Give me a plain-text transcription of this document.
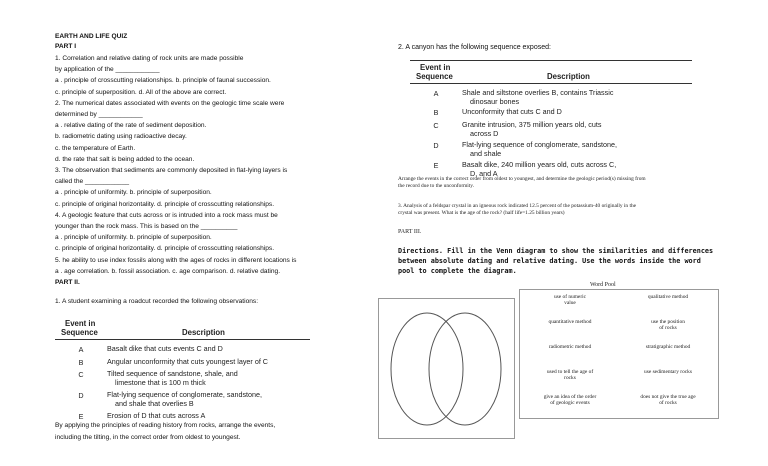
EARTH AND LIFE QUIZ
PART I
1. Correlation and relative dating of rock units are made possible
by application of the ____________
a . principle of crosscutting relationships. b. principle of faunal succession.
c. principle of superposition. d. All of the above are correct.
2. The numerical dates associated with events on the geologic time scale were
determined by ____________
a . relative dating of the rate of sediment deposition.
b. radiometric dating using radioactive decay.
c. the temperature of Earth.
d. the rate that salt is being added to the ocean.
3. The observation that sediments are commonly deposited in flat-lying layers is
called the ____________
a . principle of uniformity. b. principle of superposition.
c. principle of original horizontality. d. principle of crosscutting relationships.
4. A geologic feature that cuts across or is intruded into a rock mass must be
younger than the rock mass. This is based on the __________
a . principle of uniformity. b. principle of superposition.
c. principle of original horizontality. d. principle of crosscutting relationships.
5. he ability to use index fossils along with the ages of rocks in different locations is
a . age correlation. b. fossil association. c. age comparison. d. relative dating.
PART II.
1. A student examining a roadcut recorded the following observations:
Event in
Sequence	Description
A	Basalt dike that cuts events C and D
B	Angular unconformity that cuts youngest layer of C
C	Tilted sequence of sandstone, shale, and
limestone that is 100 m thick
D	Flat-lying sequence of conglomerate, sandstone,
and shale that overlies B
E	Erosion of D that cuts across A
By applying the principles of reading history from rocks, arrange the events,
including the tilting, in the correct order from oldest to youngest.
2. A canyon has the following sequence exposed:
Event in
Sequence	Description
A	Shale and siltstone overlies B, contains Triassic
dinosaur bones
B	Unconformity that cuts C and D
C	Granite intrusion, 375 million years old, cuts
across D
D	Flat-lying sequence of conglomerate, sandstone,
and shale
E	Basalt dike, 240 million years old, cuts across C,
D, and A
Arrange the events in the correct order from oldest to youngest, and determine the geologic period(s) missing from
the record due to the unconformity.
3. Analysis of a feldspar crystal in an igneous rock indicated 12.5 percent of the potassium-40 originally in the
crystal was present. What is the age of the rock? (half life=1.25 billion years)
PART III.
Directions. Fill in the Venn diagram to show the similarities and differences
between absolute dating and relative dating. Use the words inside the word
pool to complete the diagram.
Word Pool
use of numeric
value
qualitative method
quantitative method	use the position
of rocks
radiometric method	stratigraphic method
used to tell the age of
rocks
use sedimentary rocks
give an idea of the order
of geologic events
does not give the true age
of rocks
